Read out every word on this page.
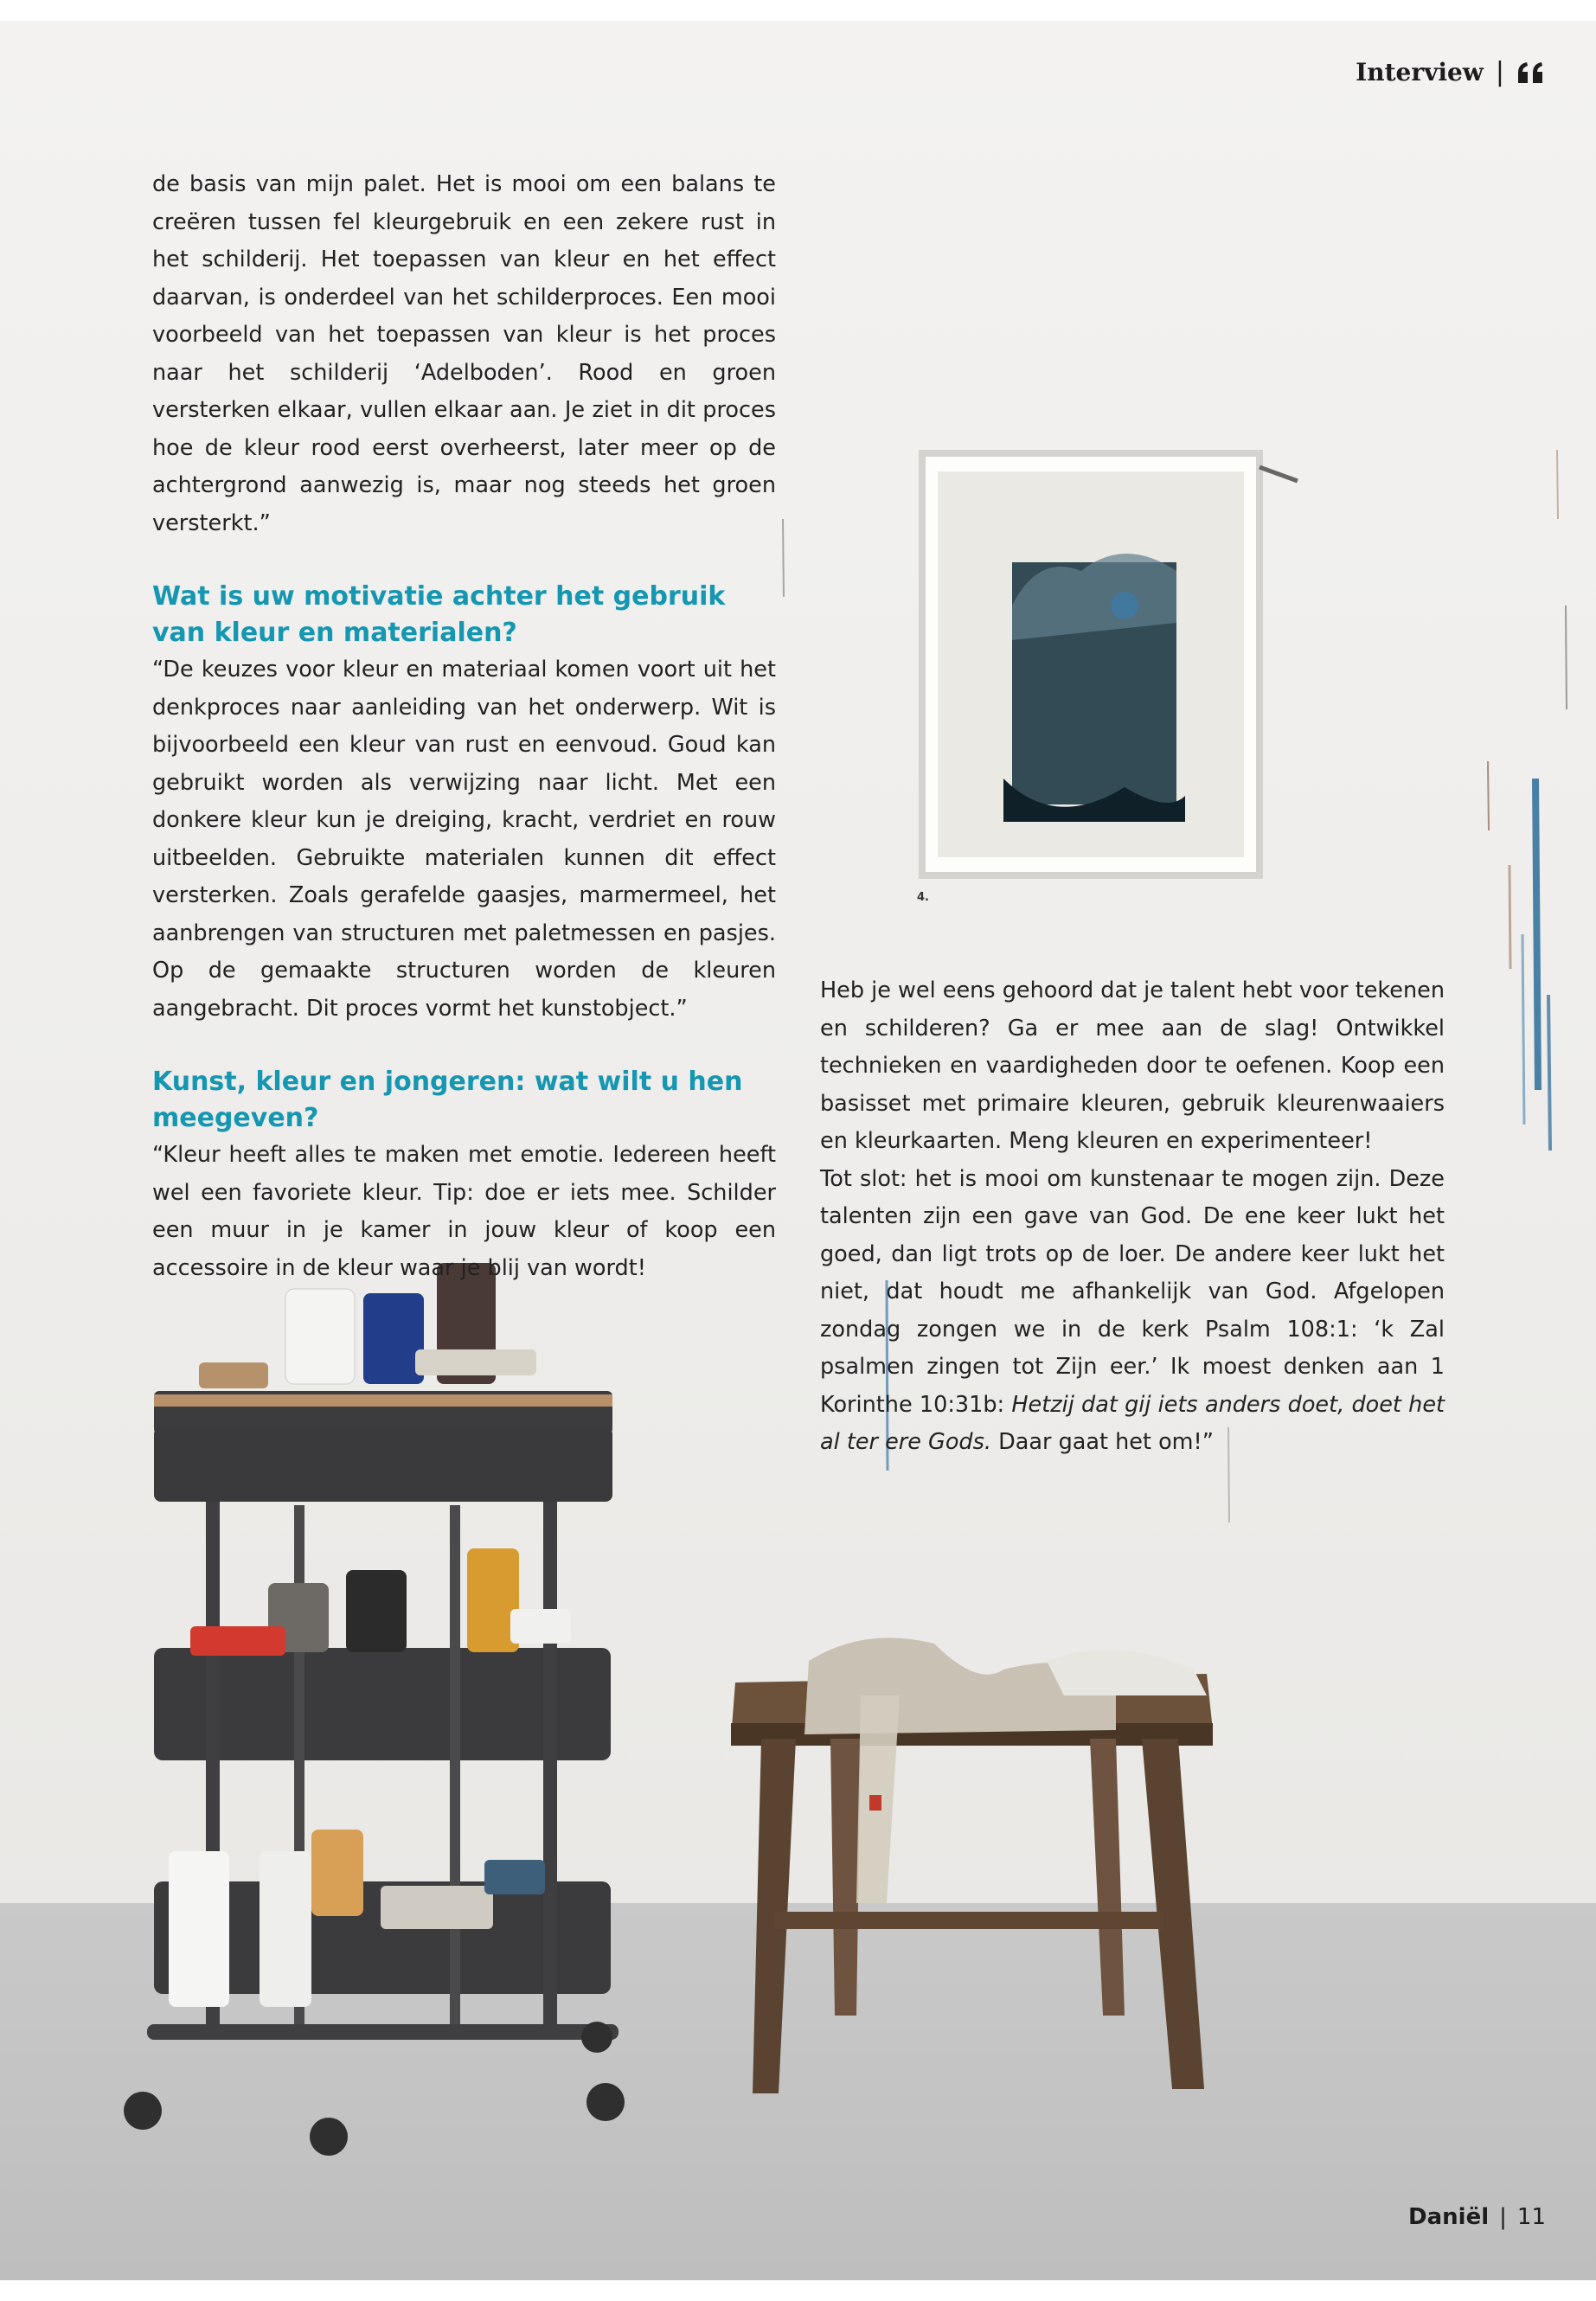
Interview |

de basis van mijn palet. Het is mooi om een balans te creëren tussen fel kleurgebruik en een zekere rust in het schilderij. Het toepassen van kleur en het effect daarvan, is onderdeel van het schilderproces. Een mooi voorbeeld van het toepassen van kleur is het proces naar het schilderij ‘Adelboden’. Rood en groen versterken elkaar, vullen elkaar aan. Je ziet in dit proces hoe de kleur rood eerst overheerst, later meer op de achtergrond aanwezig is, maar nog steeds het groen versterkt.”

Wat is uw motivatie achter het gebruik van kleur en materialen?

“De keuzes voor kleur en materiaal komen voort uit het denkproces naar aanleiding van het onderwerp. Wit is bijvoorbeeld een kleur van rust en eenvoud. Goud kan gebruikt worden als verwijzing naar licht. Met een donkere kleur kun je dreiging, kracht, verdriet en rouw uitbeelden. Gebruikte materialen kunnen dit effect versterken. Zoals gerafelde gaasjes, marmermeel, het aanbrengen van structuren met paletmessen en pasjes. Op de gemaakte structuren worden de kleuren aangebracht. Dit proces vormt het kunstobject.”

Kunst, kleur en jongeren: wat wilt u hen meegeven?

“Kleur heeft alles te maken met emotie. Iedereen heeft wel een favoriete kleur. Tip: doe er iets mee. Schilder een muur in je kamer in jouw kleur of koop een accessoire in de kleur waar je blij van wordt!

Heb je wel eens gehoord dat je talent hebt voor tekenen en schilderen? Ga er mee aan de slag! Ontwikkel technieken en vaardigheden door te oefenen. Koop een basisset met primaire kleuren, gebruik kleurenwaaiers en kleurkaarten. Meng kleuren en experimenteer!

Tot slot: het is mooi om kunstenaar te mogen zijn. Deze talenten zijn een gave van God. De ene keer lukt het goed, dan ligt trots op de loer. De andere keer lukt het niet, dat houdt me afhankelijk van God. Afgelopen zondag zongen we in de kerk Psalm 108:1: ‘k Zal psalmen zingen tot Zijn eer.’ Ik moest denken aan 1 Korinthe 10:31b: Hetzij dat gij iets anders doet, doet het al ter ere Gods. Daar gaat het om!”

4.
Daniël | 11
